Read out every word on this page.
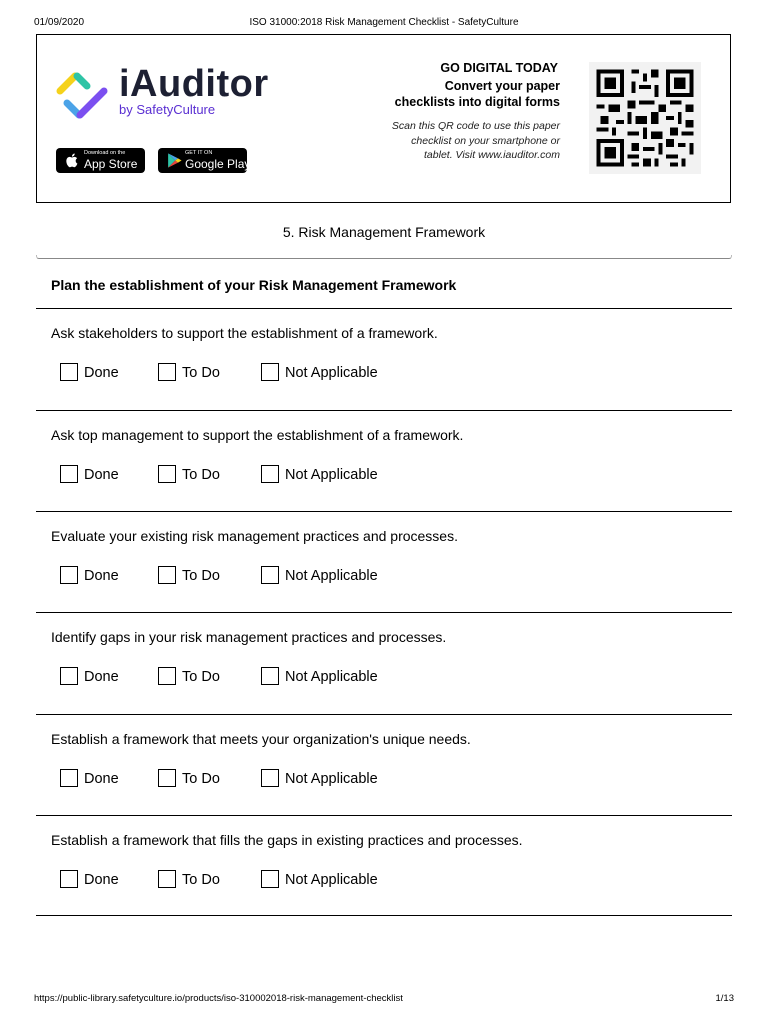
01/09/2020	ISO 31000:2018 Risk Management Checklist - SafetyCulture
iAuditor
by SafetyCulture
Download on the
App Store
GET IT ON
Google Play
GO DIGITAL TODAY
Convert your paper
checklists into digital forms
Scan this QR code to use this paper checklist on your smartphone or tablet. Visit www.iauditor.com
5. Risk Management Framework
Plan the establishment of your Risk Management Framework
Ask stakeholders to support the establishment of a framework.
Done	To Do	Not Applicable
Ask top management to support the establishment of a framework.
Done	To Do	Not Applicable
Evaluate your existing risk management practices and processes.
Done	To Do	Not Applicable
Identify gaps in your risk management practices and processes.
Done	To Do	Not Applicable
Establish a framework that meets your organization's unique needs.
Done	To Do	Not Applicable
Establish a framework that fills the gaps in existing practices and processes.
Done	To Do	Not Applicable
https://public-library.safetyculture.io/products/iso-310002018-risk-management-checklist	1/13
